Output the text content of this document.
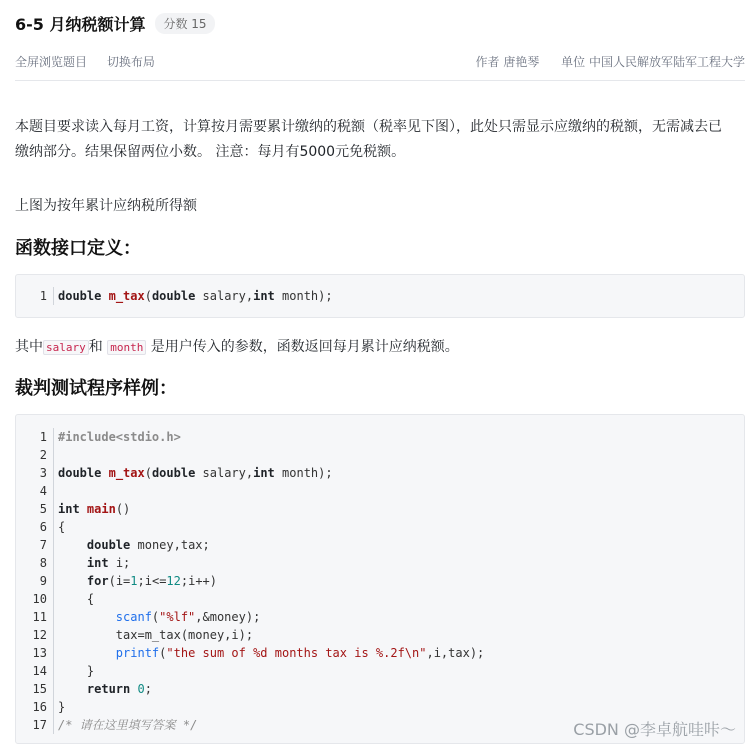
6-5 月纳税额计算	分数 15
全屏浏览题目 切换布局	作者 唐艳琴 单位 中国人民解放军陆军工程大学
本题目要求读入每月工资，计算按月需要累计缴纳的税额（税率见下图），此处只需显示应缴纳的税额，无需减去已缴纳部分。结果保留两位小数。 注意：每月有5000元免税额。
上图为按年累计应纳税所得额
函数接口定义：
1 double m_tax(double salary,int month);
其中 salary 和 month 是用户传入的参数，函数返回每月累计应纳税额。
裁判测试程序样例：
1 #include<stdio.h>
2
3 double m_tax(double salary,int month);
4
5 int main()
6 {
7	double money,tax;
8	int i;
9	for(i=1;i<=12;i++)
10 {
11	scanf("%lf",&money);
12 tax=m_tax(money,i);
13	printf("the sum of %d months tax is %.2f\n",i,tax);
14 }
15	return 0;
16 }
17 /* 请在这里填写答案 */	CSDN @李卓航哇咔～
